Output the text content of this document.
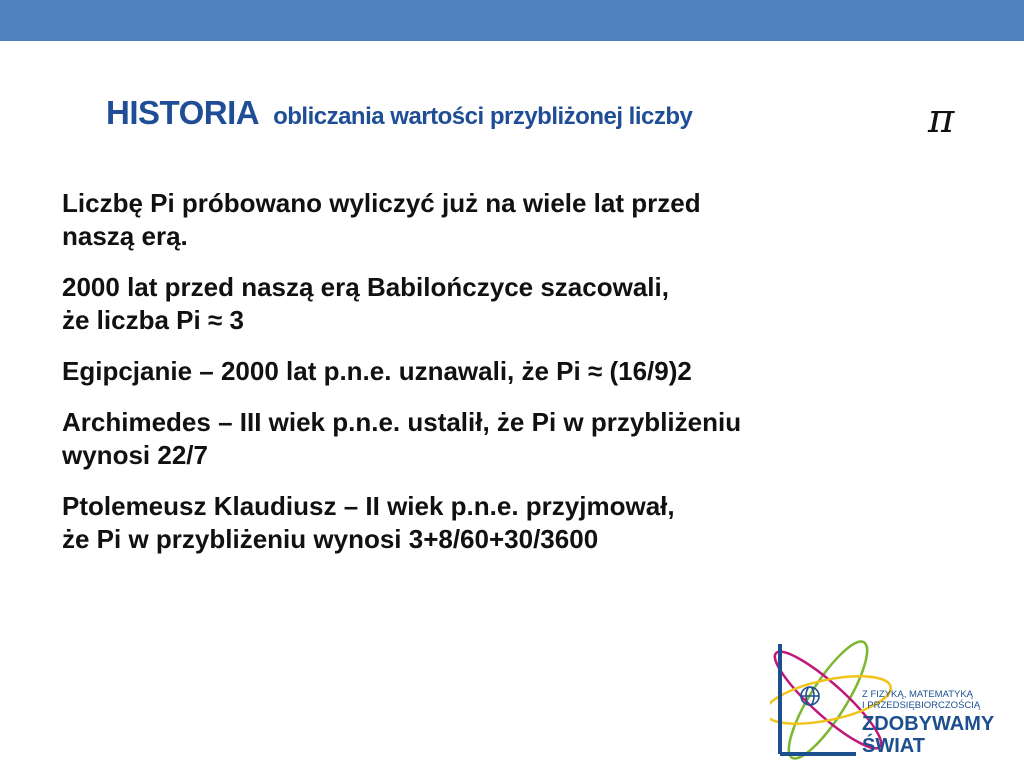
HISTORIA obliczania wartości przybliżonej liczby	π

Liczbę Pi próbowano wyliczyć już na wiele lat przed
naszą erą.

2000 lat przed naszą erą Babilończyce szacowali,
że liczba Pi ≈ 3

Egipcjanie – 2000 lat p.n.e. uznawali, że Pi ≈ (16/9)2

Archimedes – III wiek p.n.e. ustalił, że Pi w przybliżeniu
wynosi 22/7

Ptolemeusz Klaudiusz – II wiek p.n.e. przyjmował,
że Pi w przybliżeniu wynosi 3+8/60+30/3600

Z FIZYKĄ, MATEMATYKĄ
I PRZEDSIĘBIORCZOŚCIĄ
ZDOBYWAMY
ŚWIAT
